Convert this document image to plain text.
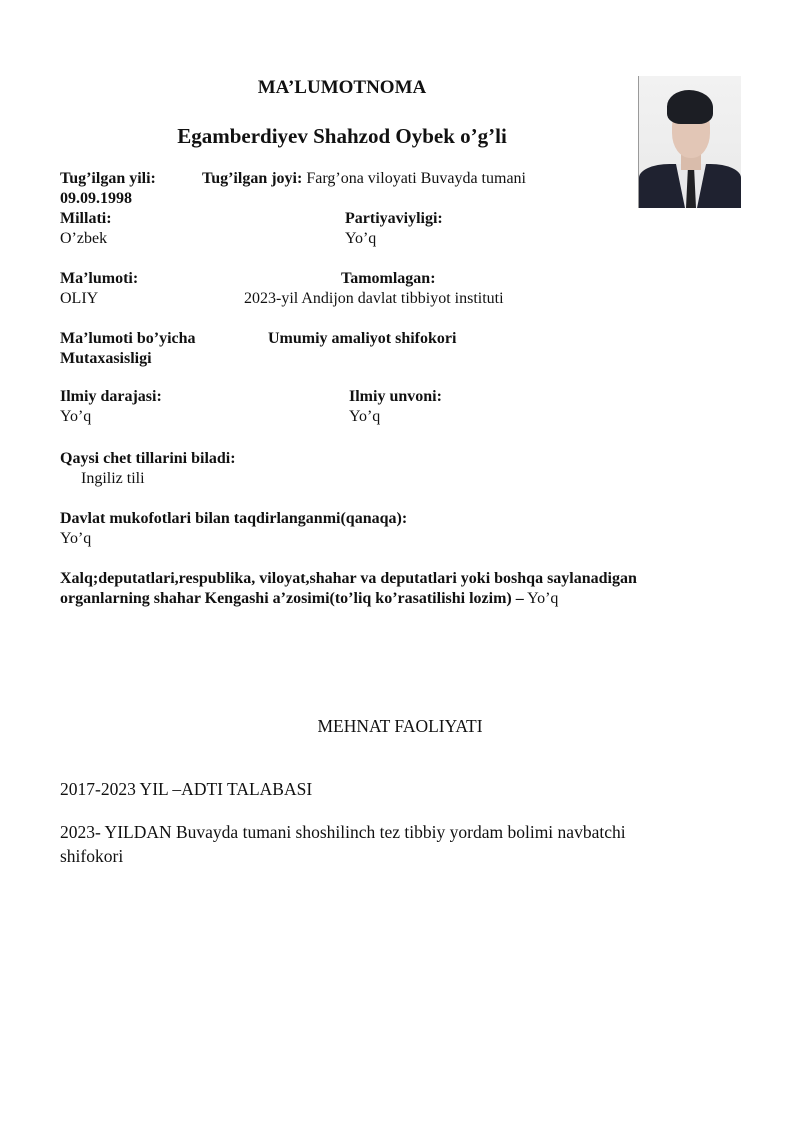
MA’LUMOTNOMA
Egamberdiyev Shahzod Oybek o’g’li
Tug’ilgan yili:	Tug’ilgan joyi: Farg’ona viloyati Buvayda tumani
09.09.1998
Millati:
O’zbek
Partiyaviyligi:
Yo’q
Ma’lumoti:
OLIY
Tamomlagan:
2023-yil Andijon davlat tibbiyot instituti
Ma’lumoti bo’yicha
Mutaxasisligi
Umumiy amaliyot shifokori
Ilmiy darajasi:
Yo’q
Ilmiy unvoni:
Yo’q
Qaysi chet tillarini biladi:
Ingiliz tili
Davlat mukofotlari bilan taqdirlanganmi(qanaqa):
Yo’q
Xalq;deputatlari,respublika, viloyat,shahar va deputatlari yoki boshqa saylanadigan
organlarning shahar Kengashi a’zosimi(to’liq ko’rasatilishi lozim) – Yo’q
MEHNAT FAOLIYATI
2017-2023 YIL –ADTI TALABASI
2023- YILDAN Buvayda tumani shoshilinch tez tibbiy yordam bolimi navbatchi
shifokori
